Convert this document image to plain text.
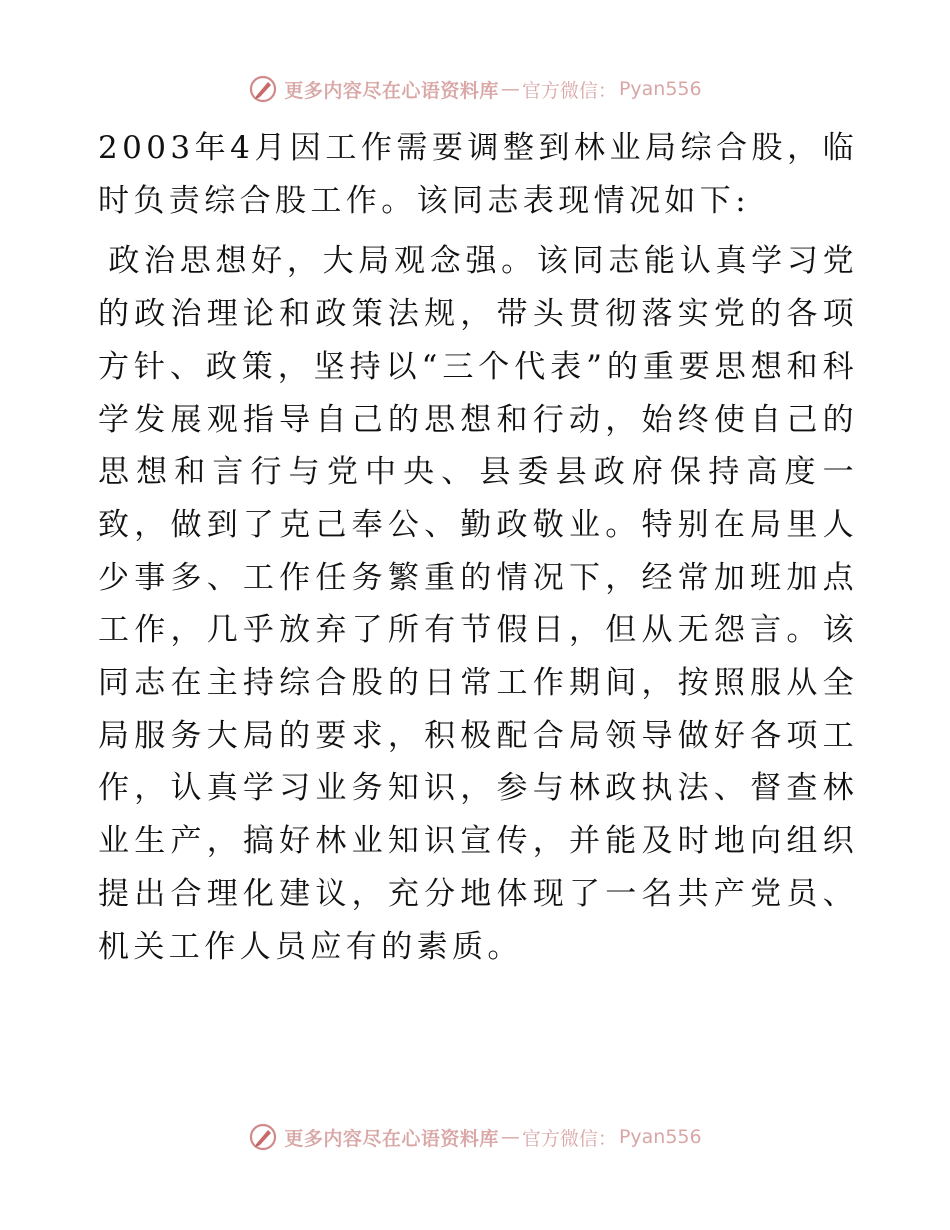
更多内容尽在心语资料库 — 官方微信： Pyan556

2003年4月因工作需要调整到林业局综合股，临时负责综合股工作。该同志表现情况如下:

政治思想好，大局观念强。该同志能认真学习党的政治理论和政策法规，带头贯彻落实党的各项方针、政策，坚持以“三个代表”的重要思想和科学发展观指导自己的思想和行动，始终使自己的思想和言行与党中央、县委县政府保持高度一致，做到了克己奉公、勤政敬业。特别在局里人少事多、工作任务繁重的情况下，经常加班加点工作，几乎放弃了所有节假日，但从无怨言。该同志在主持综合股的日常工作期间，按照服从全局服务大局的要求，积极配合局领导做好各项工作，认真学习业务知识，参与林政执法、督查林业生产，搞好林业知识宣传，并能及时地向组织提出合理化建议，充分地体现了一名共产党员、机关工作人员应有的素质。

更多内容尽在心语资料库 — 官方微信： Pyan556
